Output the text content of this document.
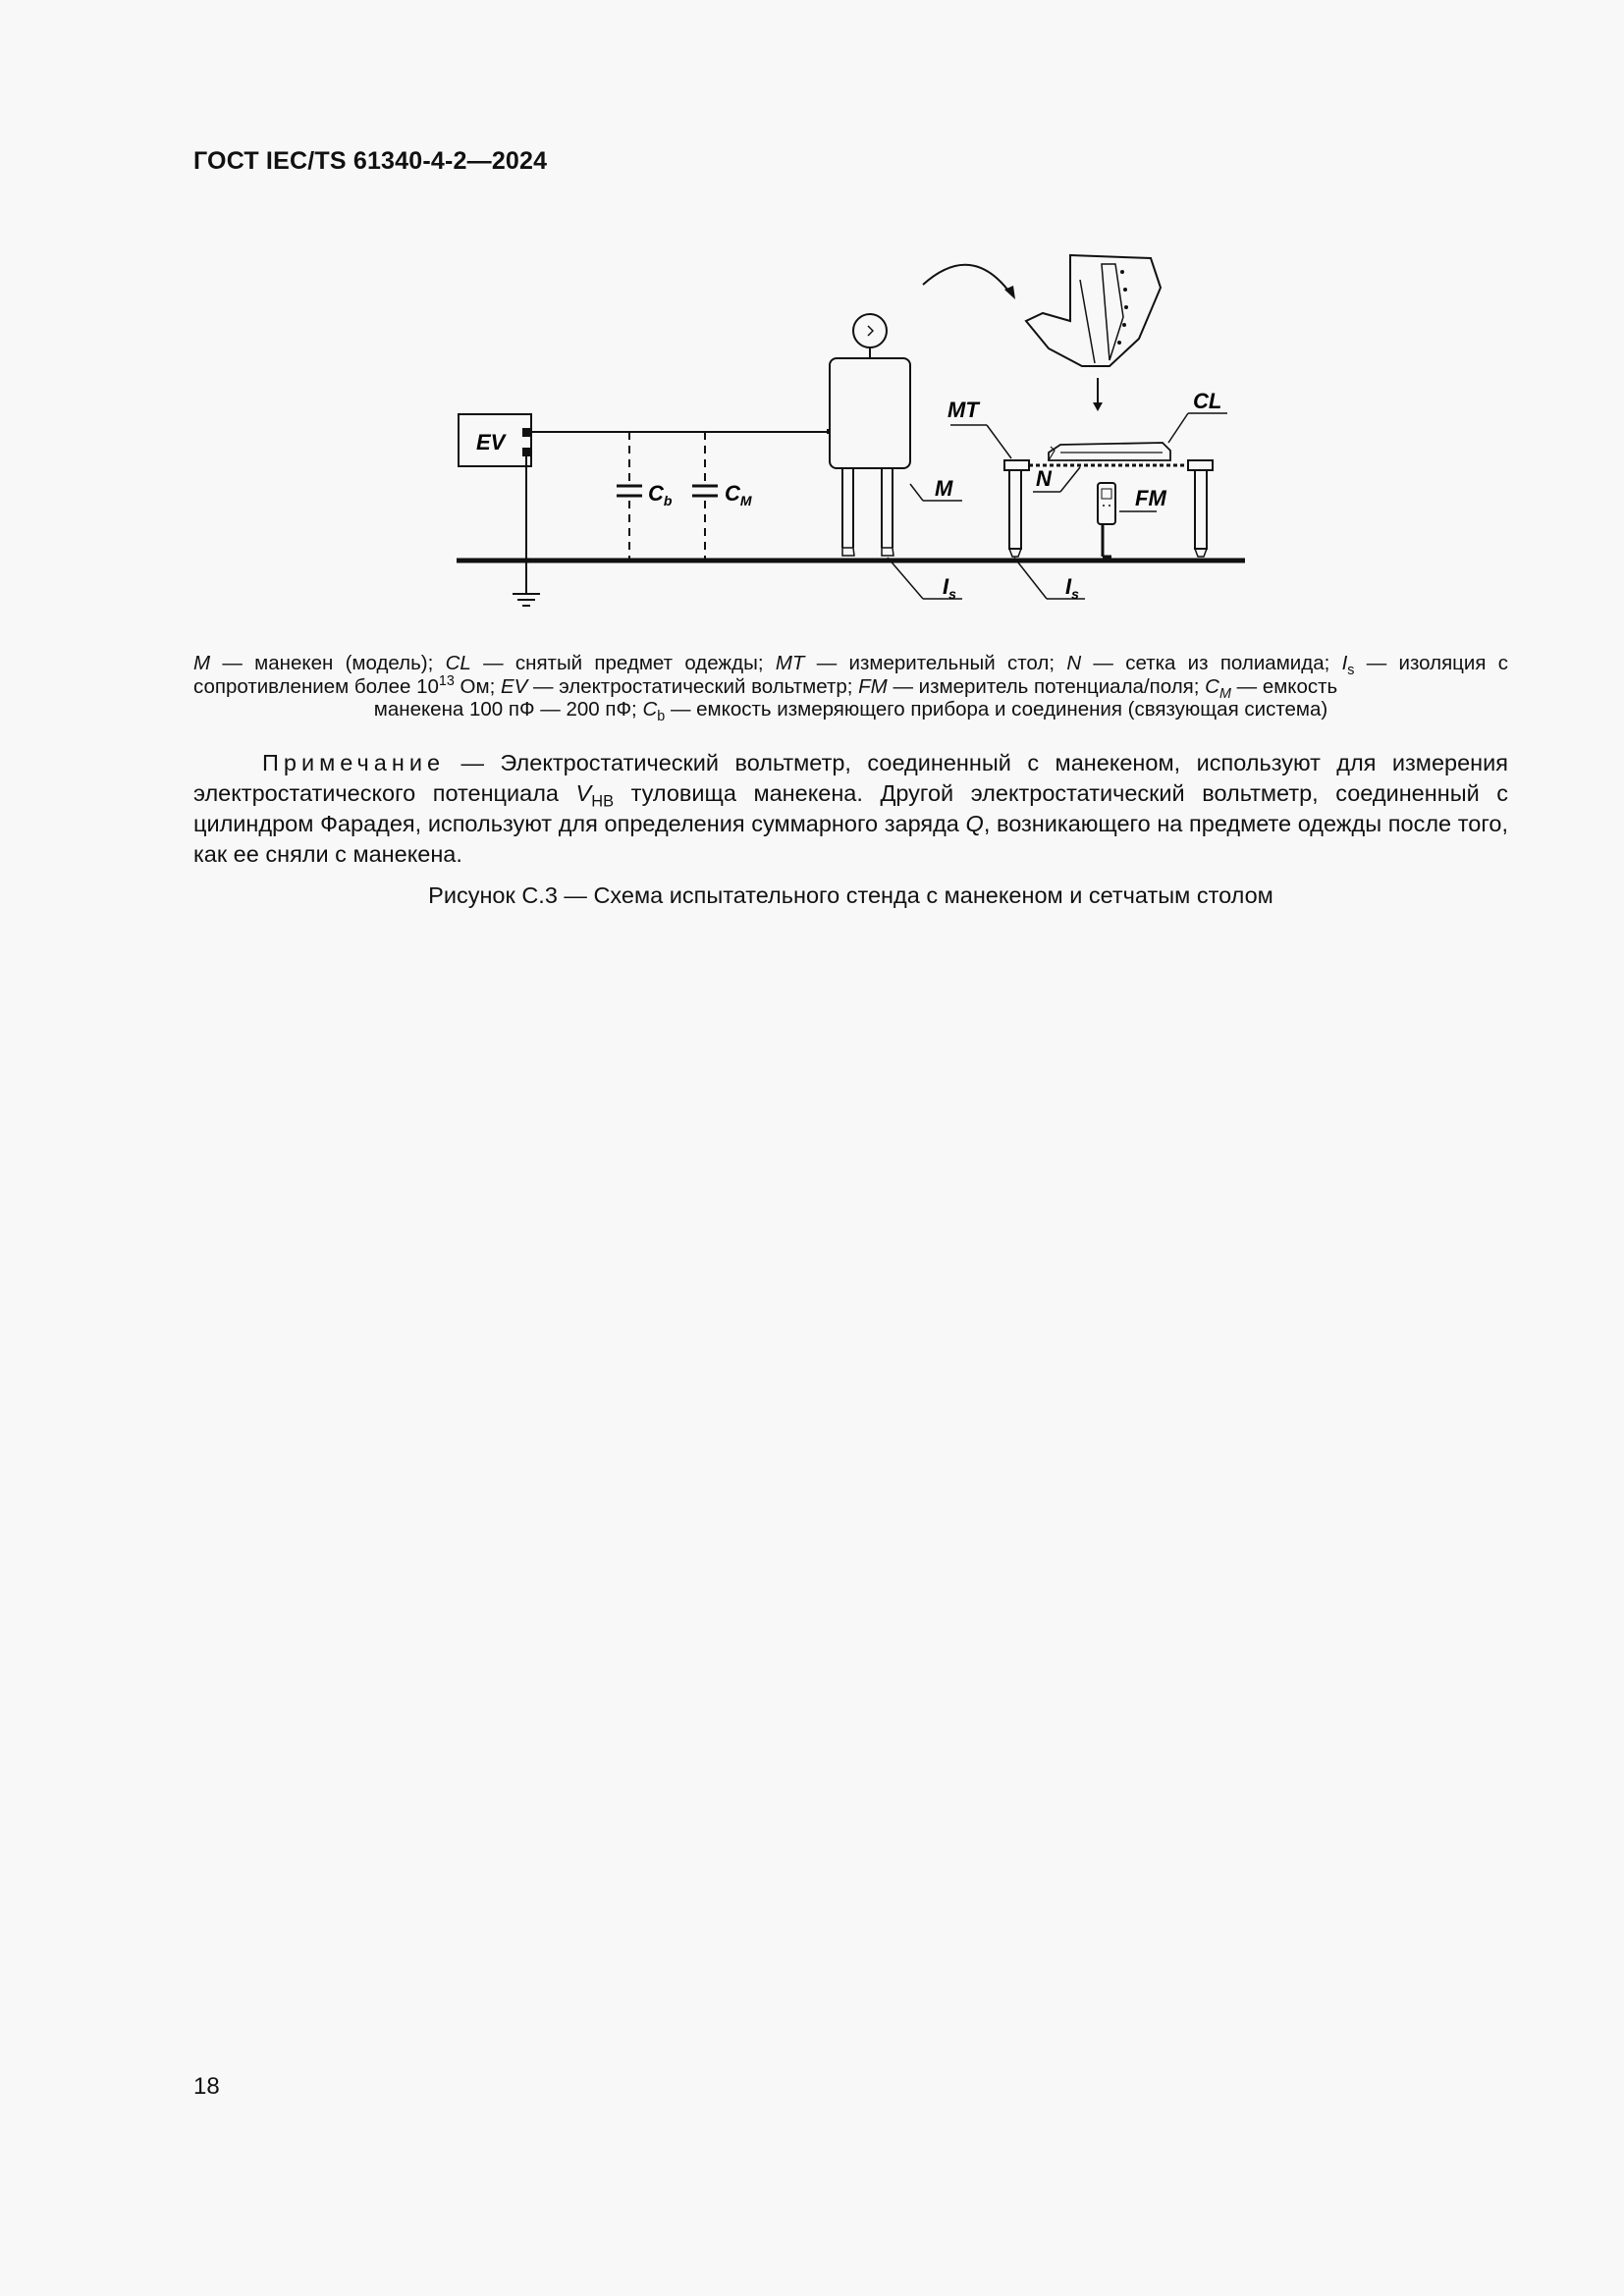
ГОСТ IEC/TS 61340-4-2—2024
EV
$C_b$ $C_M$	M
$I_s$
MT	CL
N
FM
$I_s$
M — манекен (модель); CL — снятый предмет одежды; MT — измерительный стол; N — сетка из полиамида; $I_s$ — изоляция с сопротивлением более $10^{13}$ Ом; EV — электростатический вольтметр; FM — измеритель потенциала/поля; $C_M$ — емкость
манекена 100 пФ — 200 пФ; $C_b$ — емкость измеряющего прибора и соединения (связующая система)
Примечание — Электростатический вольтметр, соединенный с манекеном, используют для измерения электростатического потенциала $V_{HB}$ туловища манекена. Другой электростатический вольтметр, соединенный с цилиндром Фарадея, используют для определения суммарного заряда Q, возникающего на предмете одежды после того, как ее сняли с манекена.
Рисунок С.3 — Схема испытательного стенда с манекеном и сетчатым столом
18
